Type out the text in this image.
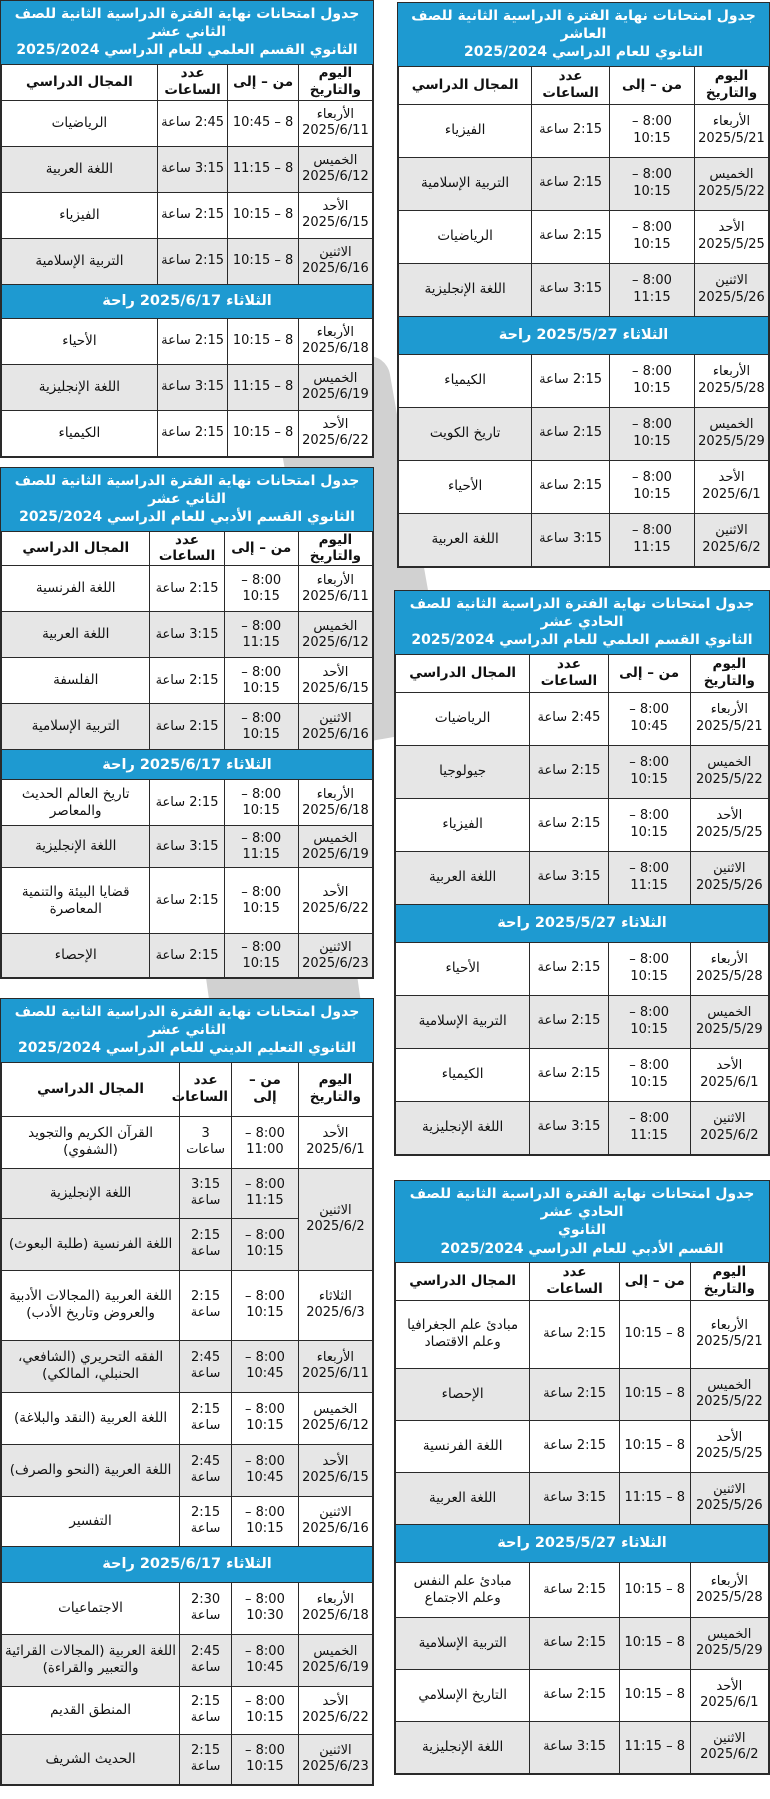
جدول امتحانات نهاية الفترة الدراسية الثانية للصف العاشر
الثانوي للعام الدراسي 2025/2024
اليوم والتاريخ	من – إلى	عدد الساعات	المجال الدراسي
الأربعاء
2025/5/21	8:00 – 10:15	2:15 ساعة	الفيزياء
الخميس
2025/5/22	8:00 – 10:15	2:15 ساعة	التربية الإسلامية
الأحد
2025/5/25	8:00 – 10:15	2:15 ساعة	الرياضيات
الاثنين
2025/5/26	8:00 – 11:15	3:15 ساعة	اللغة الإنجليزية
الثلاثاء 2025/5/27 راحة			
الأربعاء
2025/5/28	8:00 – 10:15	2:15 ساعة	الكيمياء
الخميس
2025/5/29	8:00 – 10:15	2:15 ساعة	تاريخ الكويت
الأحد
2025/6/1	8:00 – 10:15	2:15 ساعة	الأحياء
الاثنين
2025/6/2	8:00 – 11:15	3:15 ساعة	اللغة العربية
جدول امتحانات نهاية الفترة الدراسية الثانية للصف الحادي عشر
الثانوي القسم العلمي للعام الدراسي 2025/2024
اليوم والتاريخ	من – إلى	عدد الساعات	المجال الدراسي
الأربعاء
2025/5/21	8:00 – 10:45	2:45 ساعة	الرياضيات
الخميس
2025/5/22	8:00 – 10:15	2:15 ساعة	جيولوجيا
الأحد
2025/5/25	8:00 – 10:15	2:15 ساعة	الفيزياء
الاثنين
2025/5/26	8:00 – 11:15	3:15 ساعة	اللغة العربية
الثلاثاء 2025/5/27 راحة			
الأربعاء
2025/5/28	8:00 – 10:15	2:15 ساعة	الأحياء
الخميس
2025/5/29	8:00 – 10:15	2:15 ساعة	التربية الإسلامية
الأحد
2025/6/1	8:00 – 10:15	2:15 ساعة	الكيمياء
الاثنين
2025/6/2	8:00 – 11:15	3:15 ساعة	اللغة الإنجليزية
جدول امتحانات نهاية الفترة الدراسية الثانية للصف الحادي عشر
الثانوي
القسم الأدبي للعام الدراسي 2025/2024
اليوم والتاريخ	من – إلى	عدد الساعات	المجال الدراسي
الأربعاء
2025/5/21	8 – 10:15	2:15 ساعة	مبادئ علم الجغرافيا وعلم الاقتصاد
الخميس
2025/5/22	8 – 10:15	2:15 ساعة	الإحصاء
الأحد
2025/5/25	8 – 10:15	2:15 ساعة	اللغة الفرنسية
الاثنين
2025/5/26	8 – 11:15	3:15 ساعة	اللغة العربية
الثلاثاء 2025/5/27 راحة			
الأربعاء
2025/5/28	8 – 10:15	2:15 ساعة	مبادئ علم النفس وعلم الاجتماع
الخميس
2025/5/29	8 – 10:15	2:15 ساعة	التربية الإسلامية
الأحد
2025/6/1	8 – 10:15	2:15 ساعة	التاريخ الإسلامي
الاثنين
2025/6/2	8 – 11:15	3:15 ساعة	اللغة الإنجليزية
جدول امتحانات نهاية الفترة الدراسية الثانية للصف الثاني عشر
الثانوي القسم العلمي للعام الدراسي 2025/2024
اليوم والتاريخ	من – إلى	عدد الساعات	المجال الدراسي
الأربعاء
2025/6/11	8 – 10:45	2:45 ساعة	الرياضيات
الخميس
2025/6/12	8 – 11:15	3:15 ساعة	اللغة العربية
الأحد
2025/6/15	8 – 10:15	2:15 ساعة	الفيزياء
الاثنين
2025/6/16	8 – 10:15	2:15 ساعة	التربية الإسلامية
الثلاثاء 2025/6/17 راحة			
الأربعاء
2025/6/18	8 – 10:15	2:15 ساعة	الأحياء
الخميس
2025/6/19	8 – 11:15	3:15 ساعة	اللغة الإنجليزية
الأحد
2025/6/22	8 – 10:15	2:15 ساعة	الكيمياء
جدول امتحانات نهاية الفترة الدراسية الثانية للصف الثاني عشر
الثانوي القسم الأدبي للعام الدراسي 2025/2024
اليوم والتاريخ	من – إلى	عدد الساعات	المجال الدراسي
الأربعاء
2025/6/11	8:00 – 10:15	2:15 ساعة	اللغة الفرنسية
الخميس
2025/6/12	8:00 – 11:15	3:15 ساعة	اللغة العربية
الأحد
2025/6/15	8:00 – 10:15	2:15 ساعة	الفلسفة
الاثنين
2025/6/16	8:00 – 10:15	2:15 ساعة	التربية الإسلامية
الثلاثاء 2025/6/17 راحة			
الأربعاء
2025/6/18	8:00 – 10:15	2:15 ساعة	تاريخ العالم الحديث والمعاصر
الخميس
2025/6/19	8:00 – 11:15	3:15 ساعة	اللغة الإنجليزية
الأحد
2025/6/22	8:00 – 10:15	2:15 ساعة	قضايا البيئة والتنمية المعاصرة
الاثنين
2025/6/23	8:00 – 10:15	2:15 ساعة	الإحصاء
جدول امتحانات نهاية الفترة الدراسية الثانية للصف الثاني عشر
الثانوي التعليم الديني للعام الدراسي 2025/2024
اليوم والتاريخ	من – إلى	عدد الساعات	المجال الدراسي
الأحد
2025/6/1	8:00 – 11:00	3 ساعات	القرآن الكريم والتجويد (الشفوي)
الاثنين
2025/6/2	8:00 – 11:15	3:15 ساعة	اللغة الإنجليزية
	8:00 – 10:15	2:15 ساعة	اللغة الفرنسية (طلبة البعوث)
الثلاثاء
2025/6/3	8:00 – 10:15	2:15 ساعة	اللغة العربية (المجالات الأدبية والعروض وتاريخ الأدب)
الأربعاء
2025/6/11	8:00 – 10:45	2:45 ساعة	الفقه التحريري (الشافعي، الحنبلي، المالكي)
الخميس
2025/6/12	8:00 – 10:15	2:15 ساعة	اللغة العربية (النقد والبلاغة)
الأحد
2025/6/15	8:00 – 10:45	2:45 ساعة	اللغة العربية (النحو والصرف)
الاثنين
2025/6/16	8:00 – 10:15	2:15 ساعة	التفسير
الثلاثاء 2025/6/17 راحة			
الأربعاء
2025/6/18	8:00 – 10:30	2:30 ساعة	الاجتماعيات
الخميس
2025/6/19	8:00 – 10:45	2:45 ساعة	اللغة العربية (المجالات القرائية والتعبير والقراءة)
الأحد
2025/6/22	8:00 – 10:15	2:15 ساعة	المنطق القديم
الاثنين
2025/6/23	8:00 – 10:15	2:15 ساعة	الحديث الشريف
